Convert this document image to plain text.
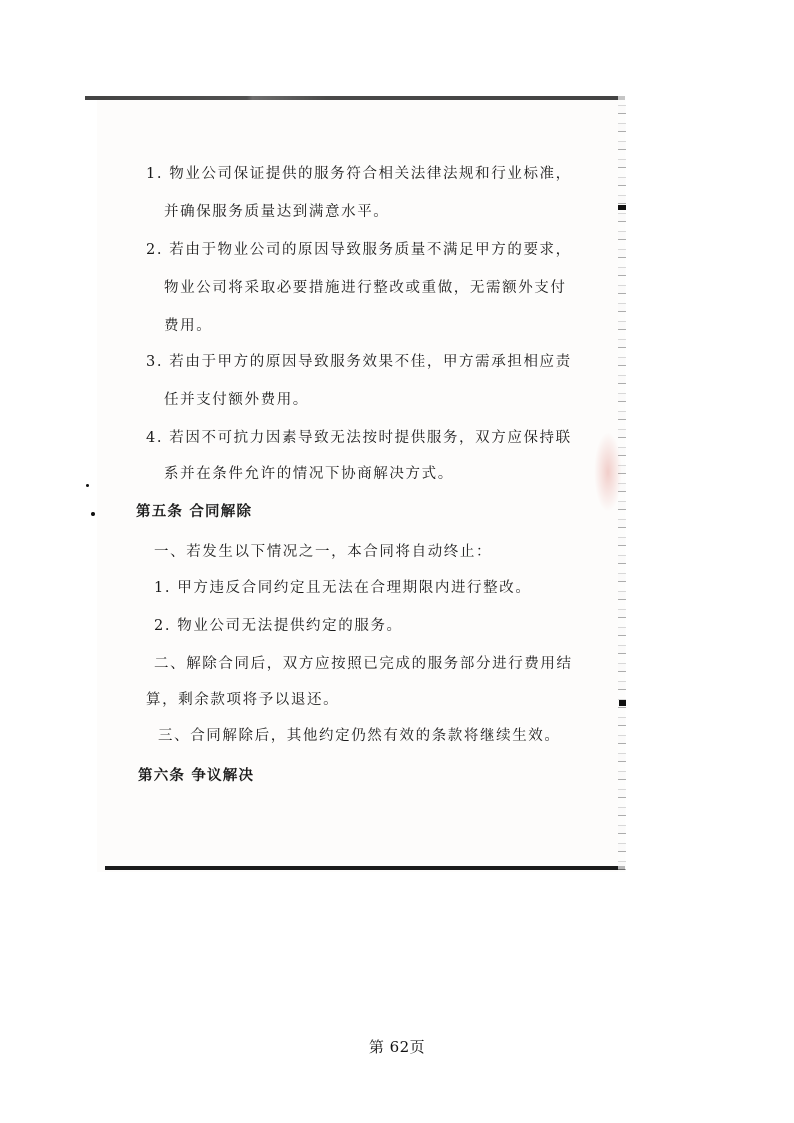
1. 物业公司保证提供的服务符合相关法律法规和行业标准，
并确保服务质量达到满意水平。
2. 若由于物业公司的原因导致服务质量不满足甲方的要求，
物业公司将采取必要措施进行整改或重做，无需额外支付
费用。
3. 若由于甲方的原因导致服务效果不佳，甲方需承担相应责
任并支付额外费用。
4. 若因不可抗力因素导致无法按时提供服务，双方应保持联
系并在条件允许的情况下协商解决方式。
第五条 合同解除
一、若发生以下情况之一，本合同将自动终止：
1. 甲方违反合同约定且无法在合理期限内进行整改。
2. 物业公司无法提供约定的服务。
二、解除合同后，双方应按照已完成的服务部分进行费用结
算，剩余款项将予以退还。
三、合同解除后，其他约定仍然有效的条款将继续生效。
第六条 争议解决
第 62页
